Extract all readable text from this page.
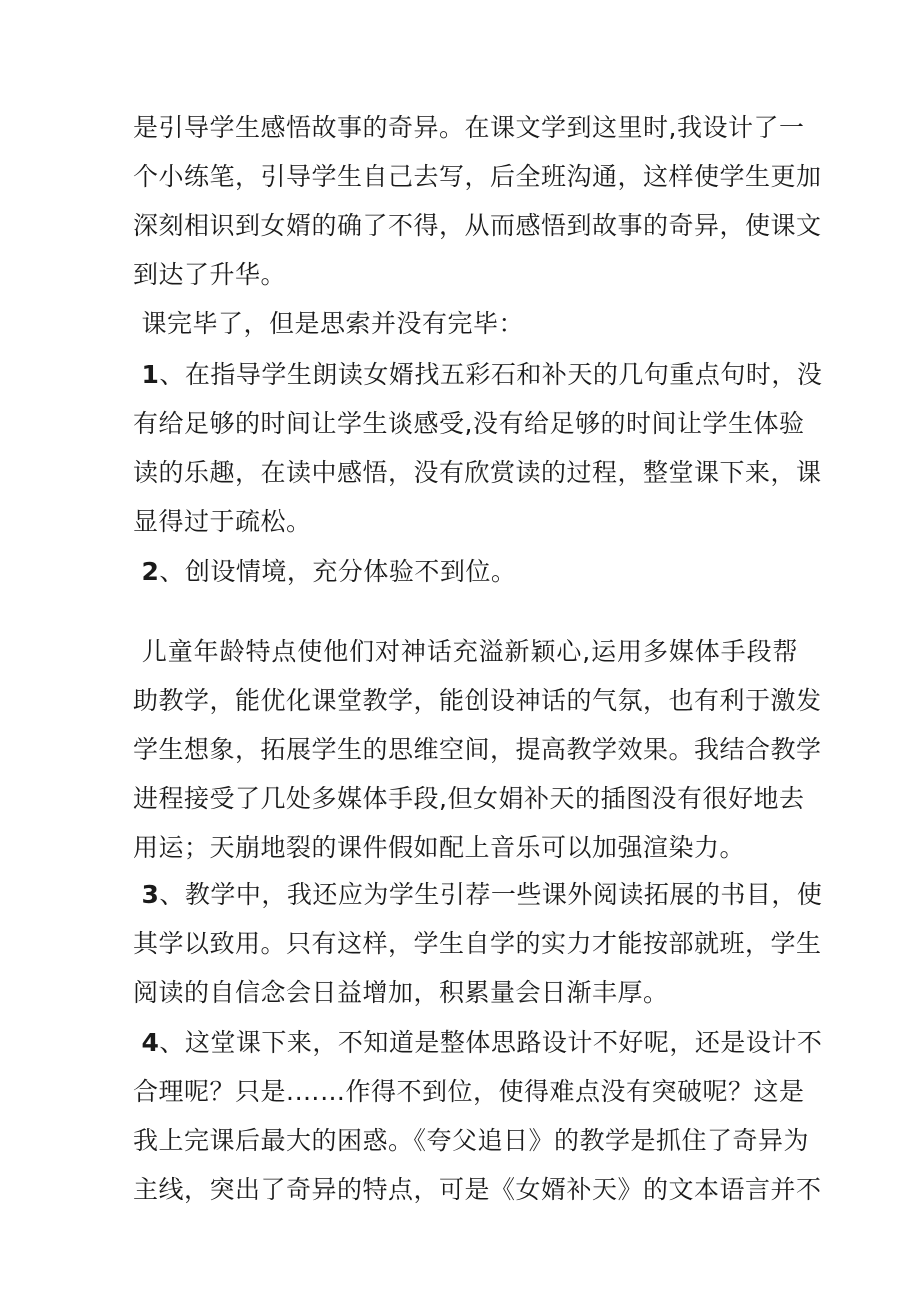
是引导学生感悟故事的奇异。在课文学到这里时,我设计了一
个小练笔，引导学生自己去写，后全班沟通，这样使学生更加
深刻相识到女婿的确了不得，从而感悟到故事的奇异，使课文
到达了升华。
课完毕了，但是思索并没有完毕：
1、在指导学生朗读女婿找五彩石和补天的几句重点句时，没
有给足够的时间让学生谈感受,没有给足够的时间让学生体验
读的乐趣，在读中感悟，没有欣赏读的过程，整堂课下来，课
显得过于疏松。
2、创设情境，充分体验不到位。
儿童年龄特点使他们对神话充溢新颖心,运用多媒体手段帮
助教学，能优化课堂教学，能创设神话的气氛，也有利于激发
学生想象，拓展学生的思维空间，提高教学效果。我结合教学
进程接受了几处多媒体手段,但女娟补天的插图没有很好地去
用运；天崩地裂的课件假如配上音乐可以加强渲染力。
3、教学中，我还应为学生引荐一些课外阅读拓展的书目，使
其学以致用。只有这样，学生自学的实力才能按部就班，学生
阅读的自信念会日益增加，积累量会日渐丰厚。
4、这堂课下来，不知道是整体思路设计不好呢，还是设计不
合理呢？只是.……作得不到位，使得难点没有突破呢？这是
我上完课后最大的困惑。《夸父追日》的教学是抓住了奇异为
主线，突出了奇异的特点，可是《女婿补天》的文本语言并不
